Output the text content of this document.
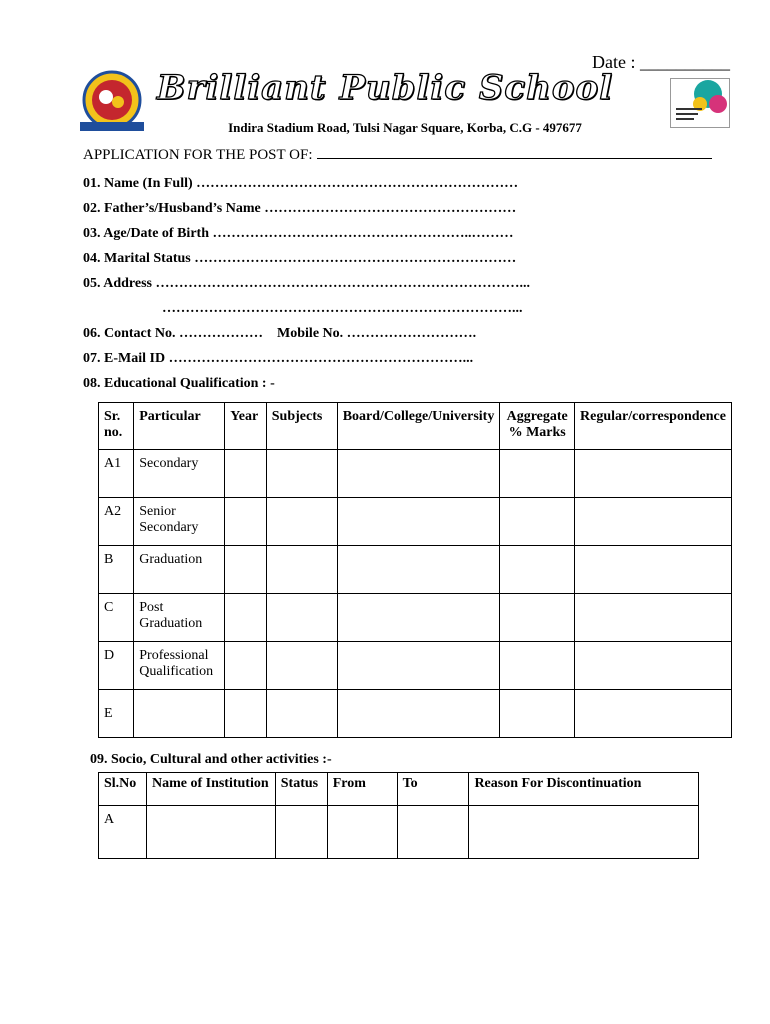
Date : __________
Brilliant Public School
Indira Stadium Road, Tulsi Nagar Square, Korba, C.G - 497677
APPLICATION FOR THE POST OF:
01. Name (In Full) ……………………………………………………………
02. Father’s/Husband’s Name ………………………………………………
03. Age/Date of Birth ………………………………………………..………
04. Marital Status ……………………………………………………………
05. Address ……………………………………………………………………...
…………………………………………………………………...
06. Contact No. ……………… Mobile No. ……………………….
07. E-Mail ID ………………………………………………………...
08. Educational Qualification : -
Sr. no.	Particular	Year	Subjects	Board/College/University	Aggregate % Marks	Regular/correspondence
A1	Secondary					
A2	Senior Secondary					
B	Graduation					
C	Post Graduation					
D	Professional Qualification					
E						
09. Socio, Cultural and other activities :-
Sl.No	Name of Institution	Status	From	To	Reason For Discontinuation
A					
